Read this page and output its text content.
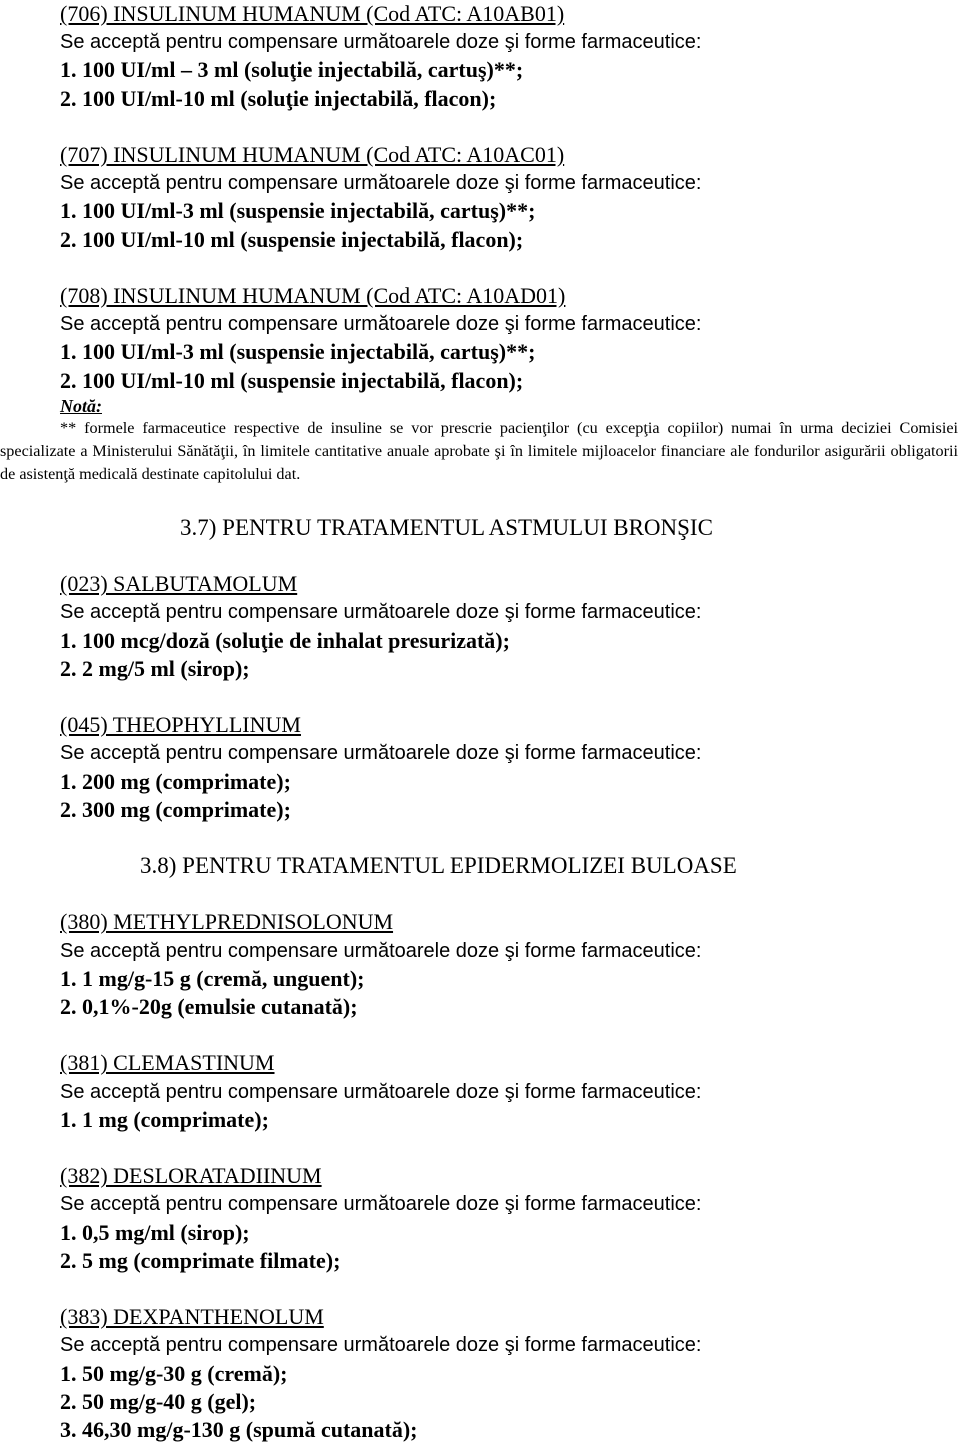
(706) INSULINUM HUMANUM (Cod ATC: A10AB01)
Se acceptă pentru compensare următoarele doze şi forme farmaceutice:
1. 100 UI/ml – 3 ml (soluţie injectabilă, cartuş)**;
2. 100 UI/ml-10 ml (soluţie injectabilă, flacon);
(707) INSULINUM HUMANUM (Cod ATC: A10AC01)
Se acceptă pentru compensare următoarele doze şi forme farmaceutice:
1. 100 UI/ml-3 ml (suspensie injectabilă, cartuş)**;
2. 100 UI/ml-10 ml (suspensie injectabilă, flacon);
(708) INSULINUM HUMANUM (Cod ATC: A10AD01)
Se acceptă pentru compensare următoarele doze şi forme farmaceutice:
1. 100 UI/ml-3 ml (suspensie injectabilă, cartuş)**;
2. 100 UI/ml-10 ml (suspensie injectabilă, flacon);
Notă:
** formele farmaceutice respective de insuline se vor prescrie pacienţilor (cu excepţia copiilor) numai în urma deciziei Comisiei specializate a Ministerului Sănătăţii, în limitele cantitative anuale aprobate şi în limitele mijloacelor financiare ale fondurilor asigurării obligatorii de asistenţă medicală destinate capitolului dat.
3.7) PENTRU TRATAMENTUL ASTMULUI BRONŞIC
(023) SALBUTAMOLUM
Se acceptă pentru compensare următoarele doze şi forme farmaceutice:
1. 100 mcg/doză (soluţie de inhalat presurizată);
2. 2 mg/5 ml (sirop);
(045) THEOPHYLLINUM
Se acceptă pentru compensare următoarele doze şi forme farmaceutice:
1. 200 mg (comprimate);
2. 300 mg (comprimate);
3.8) PENTRU TRATAMENTUL EPIDERMOLIZEI BULOASE
(380) METHYLPREDNISOLONUM
Se acceptă pentru compensare următoarele doze şi forme farmaceutice:
1. 1 mg/g-15 g (cremă, unguent);
2. 0,1%-20g (emulsie cutanată);
(381) CLEMASTINUM
Se acceptă pentru compensare următoarele doze şi forme farmaceutice:
1. 1 mg (comprimate);
(382) DESLORATADIINUM
Se acceptă pentru compensare următoarele doze şi forme farmaceutice:
1. 0,5 mg/ml (sirop);
2. 5 mg (comprimate filmate);
(383) DEXPANTHENOLUM
Se acceptă pentru compensare următoarele doze şi forme farmaceutice:
1. 50 mg/g-30 g (cremă);
2. 50 mg/g-40 g (gel);
3. 46,30 mg/g-130 g (spumă cutanată);
